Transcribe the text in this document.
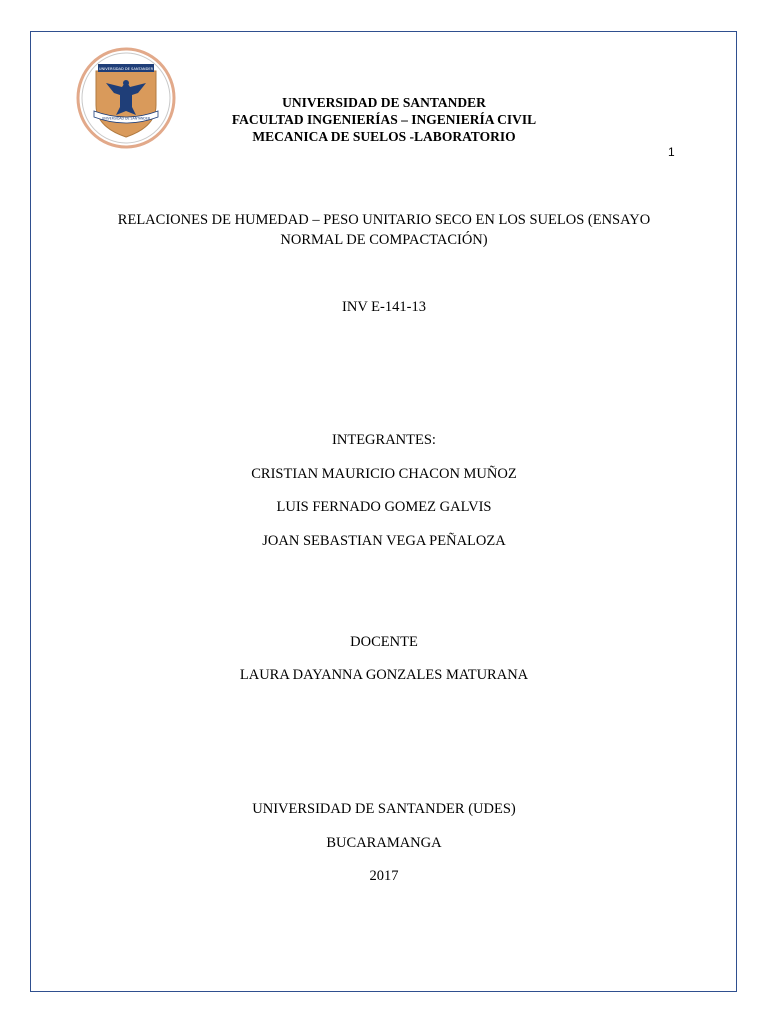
UNIVERSIDAD DE SANTANDER
UNIVERSIDAD DE SANTANDER
UNIVERSIDAD DE SANTANDER
FACULTAD INGENIERÍAS – INGENIERÍA CIVIL
MECANICA DE SUELOS -LABORATORIO
1
RELACIONES DE HUMEDAD – PESO UNITARIO SECO EN LOS SUELOS (ENSAYO NORMAL DE COMPACTACIÓN)
INV E-141-13
INTEGRANTES:
CRISTIAN MAURICIO CHACON MUÑOZ
LUIS FERNADO GOMEZ GALVIS
JOAN SEBASTIAN VEGA PEÑALOZA
DOCENTE
LAURA DAYANNA GONZALES MATURANA
UNIVERSIDAD DE SANTANDER (UDES)
BUCARAMANGA
2017
